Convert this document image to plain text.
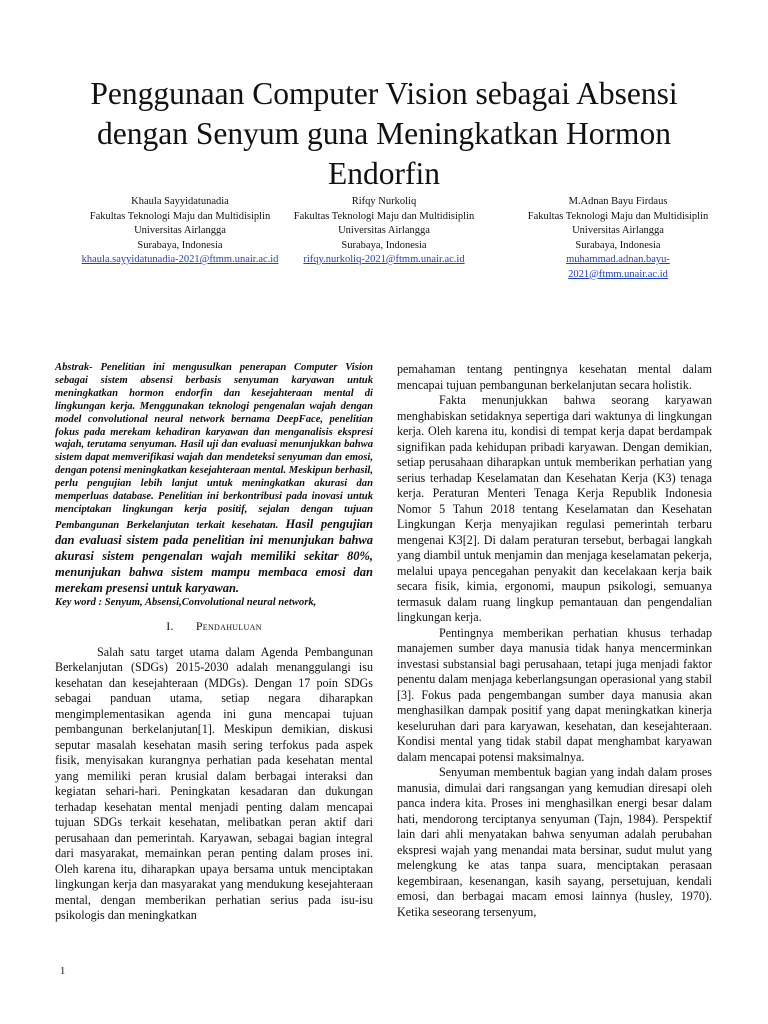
Penggunaan Computer Vision sebagai Absensi dengan Senyum guna Meningkatkan Hormon Endorfin
Khaula Sayyidatunadia
Fakultas Teknologi Maju dan Multidisiplin
Universitas Airlangga
Surabaya, Indonesia
khaula.sayyidatunadia-2021@ftmm.unair.ac.id
Rifqy Nurkoliq
Fakultas Teknologi Maju dan Multidisiplin
Universitas Airlangga
Surabaya, Indonesia
rifqy.nurkoliq-2021@ftmm.unair.ac.id
M.Adnan Bayu Firdaus
Fakultas Teknologi Maju dan Multidisiplin
Universitas Airlangga
Surabaya, Indonesia
muhammad.adnan.bayu-2021@ftmm.unair.ac.id

Abstrak- Penelitian ini mengusulkan penerapan Computer Vision sebagai sistem absensi berbasis senyuman karyawan untuk meningkatkan hormon endorfin dan kesejahteraan mental di lingkungan kerja. Menggunakan teknologi pengenalan wajah dengan model convolutional neural network bernama DeepFace, penelitian fokus pada merekam kehadiran karyawan dan menganalisis ekspresi wajah, terutama senyuman. Hasil uji dan evaluasi menunjukkan bahwa sistem dapat memverifikasi wajah dan mendeteksi senyuman dan emosi, dengan potensi meningkatkan kesejahteraan mental. Meskipun berhasil, perlu pengujian lebih lanjut untuk meningkatkan akurasi dan memperluas database. Penelitian ini berkontribusi pada inovasi untuk menciptakan lingkungan kerja positif, sejalan dengan tujuan Pembangunan Berkelanjutan terkait kesehatan. Hasil pengujian dan evaluasi sistem pada penelitian ini menunjukan bahwa akurasi sistem pengenalan wajah memiliki sekitar 80%, menunjukan bahwa sistem mampu membaca emosi dan merekam presensi untuk karyawan.

Key word : Senyum, Absensi,Convolutional neural network,

I. Pendahuluan

Salah satu target utama dalam Agenda Pembangunan Berkelanjutan (SDGs) 2015-2030 adalah menanggulangi isu kesehatan dan kesejahteraan (MDGs). Dengan 17 poin SDGs sebagai panduan utama, setiap negara diharapkan mengimplementasikan agenda ini guna mencapai tujuan pembangunan berkelanjutan[1]. Meskipun demikian, diskusi seputar masalah kesehatan masih sering terfokus pada aspek fisik, menyisakan kurangnya perhatian pada kesehatan mental yang memiliki peran krusial dalam berbagai interaksi dan kegiatan sehari-hari. Peningkatan kesadaran dan dukungan terhadap kesehatan mental menjadi penting dalam mencapai tujuan SDGs terkait kesehatan, melibatkan peran aktif dari perusahaan dan pemerintah. Karyawan, sebagai bagian integral dari masyarakat, memainkan peran penting dalam proses ini. Oleh karena itu, diharapkan upaya bersama untuk menciptakan lingkungan kerja dan masyarakat yang mendukung kesejahteraan mental, dengan memberikan perhatian serius pada isu-isu psikologis dan meningkatkan

pemahaman tentang pentingnya kesehatan mental dalam mencapai tujuan pembangunan berkelanjutan secara holistik.

Fakta menunjukkan bahwa seorang karyawan menghabiskan setidaknya sepertiga dari waktunya di lingkungan kerja. Oleh karena itu, kondisi di tempat kerja dapat berdampak signifikan pada kehidupan pribadi karyawan. Dengan demikian, setiap perusahaan diharapkan untuk memberikan perhatian yang serius terhadap Keselamatan dan Kesehatan Kerja (K3) tenaga kerja. Peraturan Menteri Tenaga Kerja Republik Indonesia Nomor 5 Tahun 2018 tentang Keselamatan dan Kesehatan Lingkungan Kerja menyajikan regulasi pemerintah terbaru mengenai K3[2]. Di dalam peraturan tersebut, berbagai langkah yang diambil untuk menjamin dan menjaga keselamatan pekerja, melalui upaya pencegahan penyakit dan kecelakaan kerja baik secara fisik, kimia, ergonomi, maupun psikologi, semuanya termasuk dalam ruang lingkup pemantauan dan pengendalian lingkungan kerja.

Pentingnya memberikan perhatian khusus terhadap manajemen sumber daya manusia tidak hanya mencerminkan investasi substansial bagi perusahaan, tetapi juga menjadi faktor penentu dalam menjaga keberlangsungan operasional yang stabil [3]. Fokus pada pengembangan sumber daya manusia akan menghasilkan dampak positif yang dapat meningkatkan kinerja keseluruhan dari para karyawan, kesehatan, dan kesejahteraan. Kondisi mental yang tidak stabil dapat menghambat karyawan dalam mencapai potensi maksimalnya.

Senyuman membentuk bagian yang indah dalam proses manusia, dimulai dari rangsangan yang kemudian diresapi oleh panca indera kita. Proses ini menghasilkan energi besar dalam hati, mendorong terciptanya senyuman (Tajn, 1984). Perspektif lain dari ahli menyatakan bahwa senyuman adalah perubahan ekspresi wajah yang menandai mata bersinar, sudut mulut yang melengkung ke atas tanpa suara, menciptakan perasaan kegembiraan, kesenangan, kasih sayang, persetujuan, kendali emosi, dan berbagai macam emosi lainnya (husley, 1970). Ketika seseorang tersenyum,

1
